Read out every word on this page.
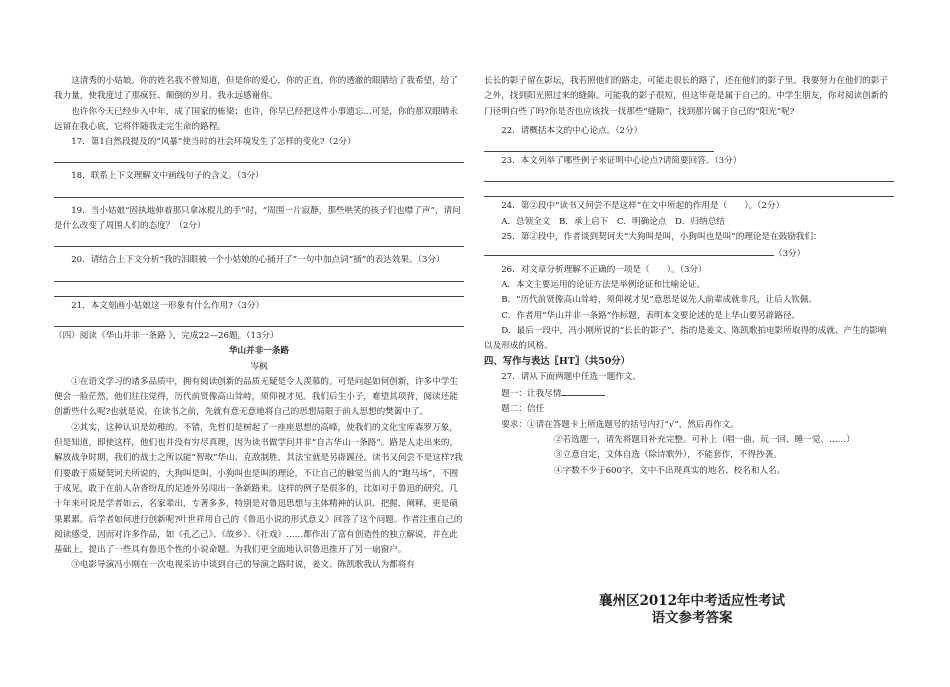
这清秀的小姑娘。你的姓名我不曾知道，但是你的爱心，你的正直，你的透澈的眼睛给了我希望，给了我力量，使我度过了那疯狂、颠倒的岁月。我永远感谢你。

也许你今天已经步入中年，成了国家的栋梁；也许，你早已经把这件小事遗忘…可是，你的那双眼睛永远留在我心底，它将伴随我走完生命的路程。

17．第1自然段提及的“风暴”使当时的社会环境发生了怎样的变化?（2分）

18．联系上下文理解文中画线句子的含义。（3分）

19．当小姑娘“固执地伸着那只拿冰棍儿的手”时，“周围一片寂静，那些哄笑的孩子们也噤了声”，请问是什么改变了周围人们的态度？（2分）

20．请结合上下文分析“我的泪眼被一个小姑娘的心捅开了”一句中加点词“捅”的表达效果。（3分）

21．本文刻画小姑娘这一形象有什么作用?（3分）

（四）阅读《华山并非一条路 》，完成22—26题。（13分）

华山并非一条路

岑枫

①在语文学习的诸多品质中，拥有阅读创新的品质无疑是令人羡慕的。可是问起如何创新，许多中学生便会一脸茫然，他们往往觉得，历代前贤像高山耸峙，须仰视才见。我们后生小子，难望其项背，阅读还能创新些什么呢?也就是说，在读书之前，先就有意无意地将自己的思想局限于前人思想的樊篱中了。

②其实，这种认识是幼稚的。不错，先哲们是树起了一座座思想的高峰，使我们的文化宝库森罗万象，但是知道，即使这样，他们也并没有穷尽真理，因为读书做学问并非“自古华山一条路”。路是人走出来的，解放战争时期，我们的战士之所以能“智取”华山、克敌制胜，其法宝就是另辟蹊径。读书又何尝不是这样?我们要敢于质疑契诃夫所说的，大狗叫是叫，小狗叫也是叫的理论，不让自己的触觉当前人的“跑马场”，不囿于成见，敢于在前人杂沓纷乱的足迹外另闯出一条新路来。这样的例子是很多的，比如对于鲁迅的研究，几十年来可说是学者如云，名家辈出，专著多多，特别是对鲁迅思想与主体精神的认识、把握、阐释，更是硕果累累。后学者如何进行创新呢?叶世祥用自己的《鲁迅小说的形式意义》回答了这个问题。作者注重自己的阅读感受，因而对许多作品，如《孔乙己》、《故乡》、《社戏》……都作出了富有创造性的独立解说，并在此基础上，提出了一些具有鲁迅个性的小说命题。为我们更全面地认识鲁迅推开了另一扇窗户。

③电影导演冯小刚在一次电视采访中谈到自己的导演之路时说，姜文、陈凯歌我认为都将有

长长的影子留在影坛，我若照他们的路走，可能走很长的路了，还在他们的影子里。我要努力在他们的影子之外，找到阳光照过来的缝隙。可能我的影子很短，但这毕竟是属于自己的。中学生朋友，你对阅读创新的门径明白些了吗?你是否也应该找一找那些“缝隙”，找到那片属于自己的“阳光”呢?

22．请概括本文的中心论点。（2分）

23．本文列举了哪些例子来证明中心论点?请简要回答。（3分）

24．第②段中“读书又何尝不是这样”在文中所起的作用是（　　）。（2分）

A．总领全文　B．承上启下　C．明确论点　D．归纳总结

25．第②段中，作者谈到契诃夫“大狗叫是叫，小狗叫也是叫”的理论是在鼓励我们：

（3分）

26．对文章分析理解不正确的一项是（　　）。（3分）

A．本文主要运用的论证方法是举例论证和比喻论证。

B．“历代前贤像高山耸峙，须仰视才见”意思是说先人前辈成就非凡，让后人钦佩。

C．作者用“华山并非一条路”作标题，表明本文要论述的是上华山要另辟路径。

D．最后一段中，冯小刚所说的“长长的影子”，指的是姜文、陈凯歌拍电影所取得的成就、产生的影响以及形成的风格。

四、写作与表达〖HT〗（共50分）

27．请从下面两题中任选一题作文。

题一：让我尽情

题二：信任

要求：①请在答题卡上所选题号的括号内打“√”，然后再作文。

②若选题一，请先将题目补充完整。可补上（唱一曲、玩一回、睡一觉、……）

③立意自定，文体自选（除诗歌外），不能套作，不得抄袭。

④字数不少于600字，文中不出现真实的地名、校名和人名。

襄州区2012年中考适应性考试
语文参考答案
